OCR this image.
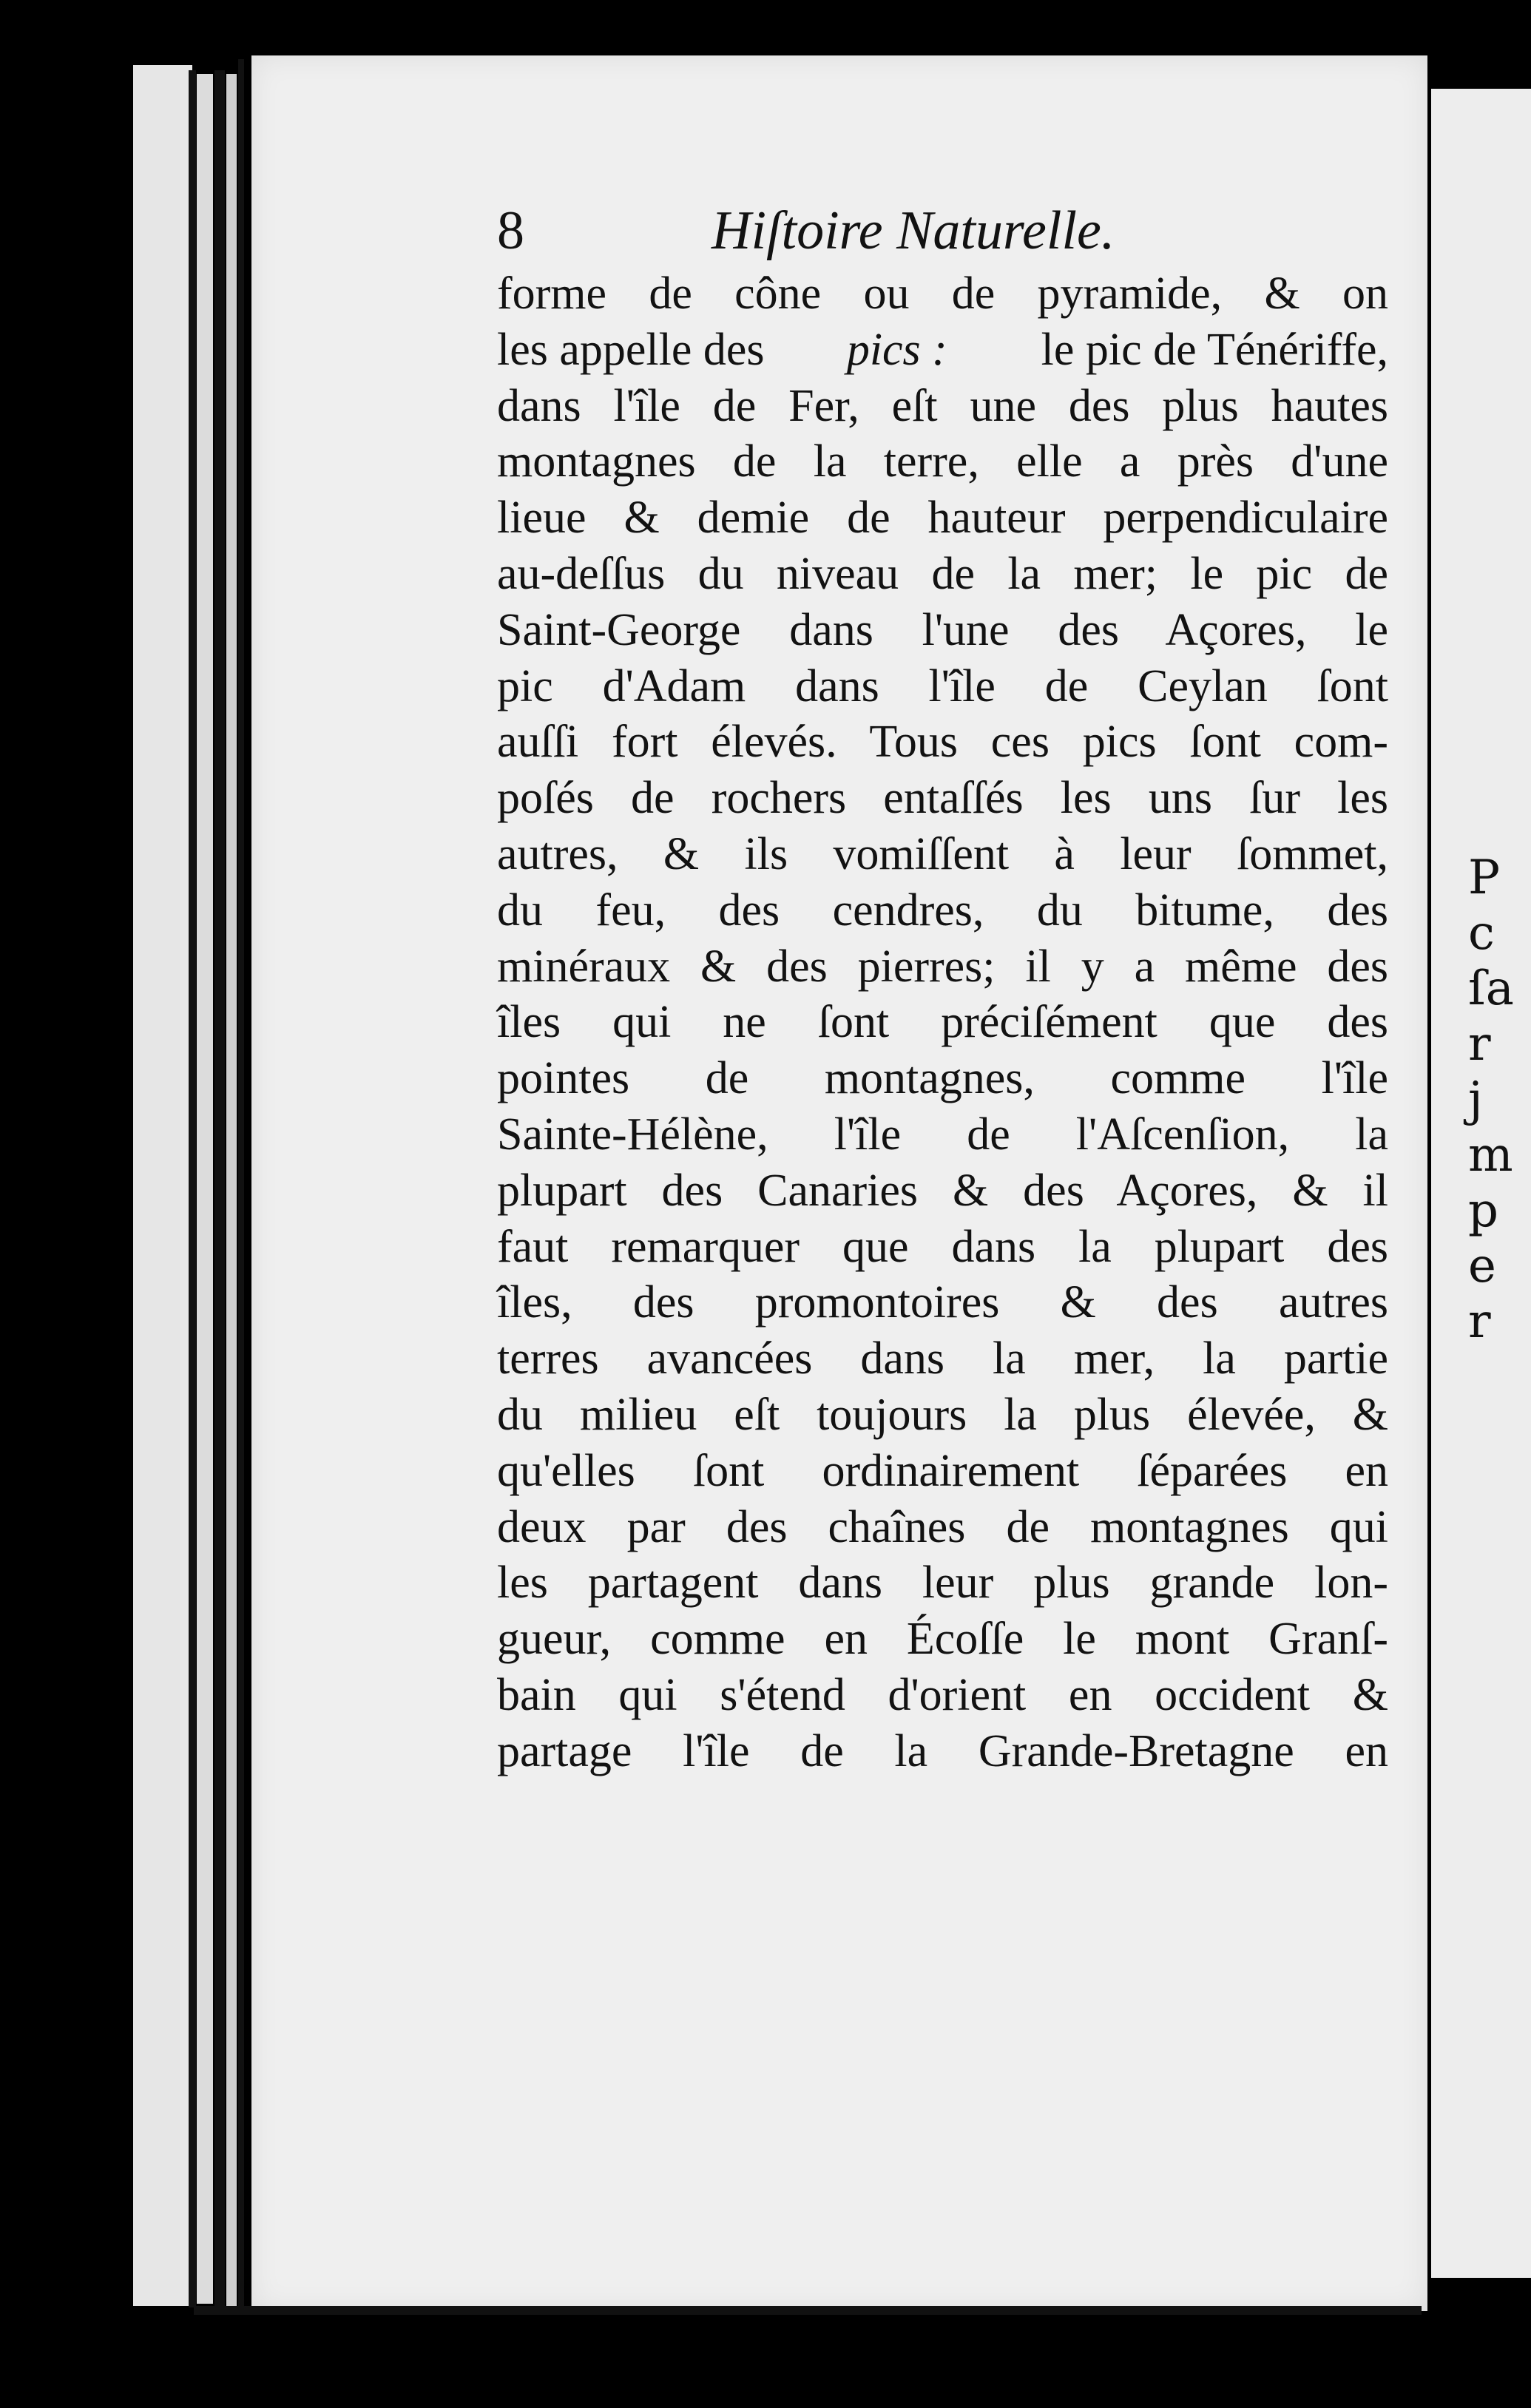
P
c
ſa
r
j
m
p
e
r
8	Hiſtoire Naturelle.
forme de cône ou de pyramide, & on
les appelle des pics : le pic de Ténériffe,
dans l'île de Fer, eſt une des plus hautes
montagnes de la terre, elle a près d'une
lieue & demie de hauteur perpendiculaire
au-deſſus du niveau de la mer; le pic de
Saint-George dans l'une des Açores, le
pic d'Adam dans l'île de Ceylan ſont
auſſi fort élevés. Tous ces pics ſont com-
poſés de rochers entaſſés les uns ſur les
autres, & ils vomiſſent à leur ſommet,
du feu, des cendres, du bitume, des
minéraux & des pierres; il y a même des
îles qui ne ſont préciſément que des
pointes de montagnes, comme l'île
Sainte-Hélène, l'île de l'Aſcenſion, la
plupart des Canaries & des Açores, & il
faut remarquer que dans la plupart des
îles, des promontoires & des autres
terres avancées dans la mer, la partie
du milieu eſt toujours la plus élevée, &
qu'elles ſont ordinairement ſéparées en
deux par des chaînes de montagnes qui
les partagent dans leur plus grande lon-
gueur, comme en Écoſſe le mont Granſ-
bain qui s'étend d'orient en occident &
partage l'île de la Grande-Bretagne en
